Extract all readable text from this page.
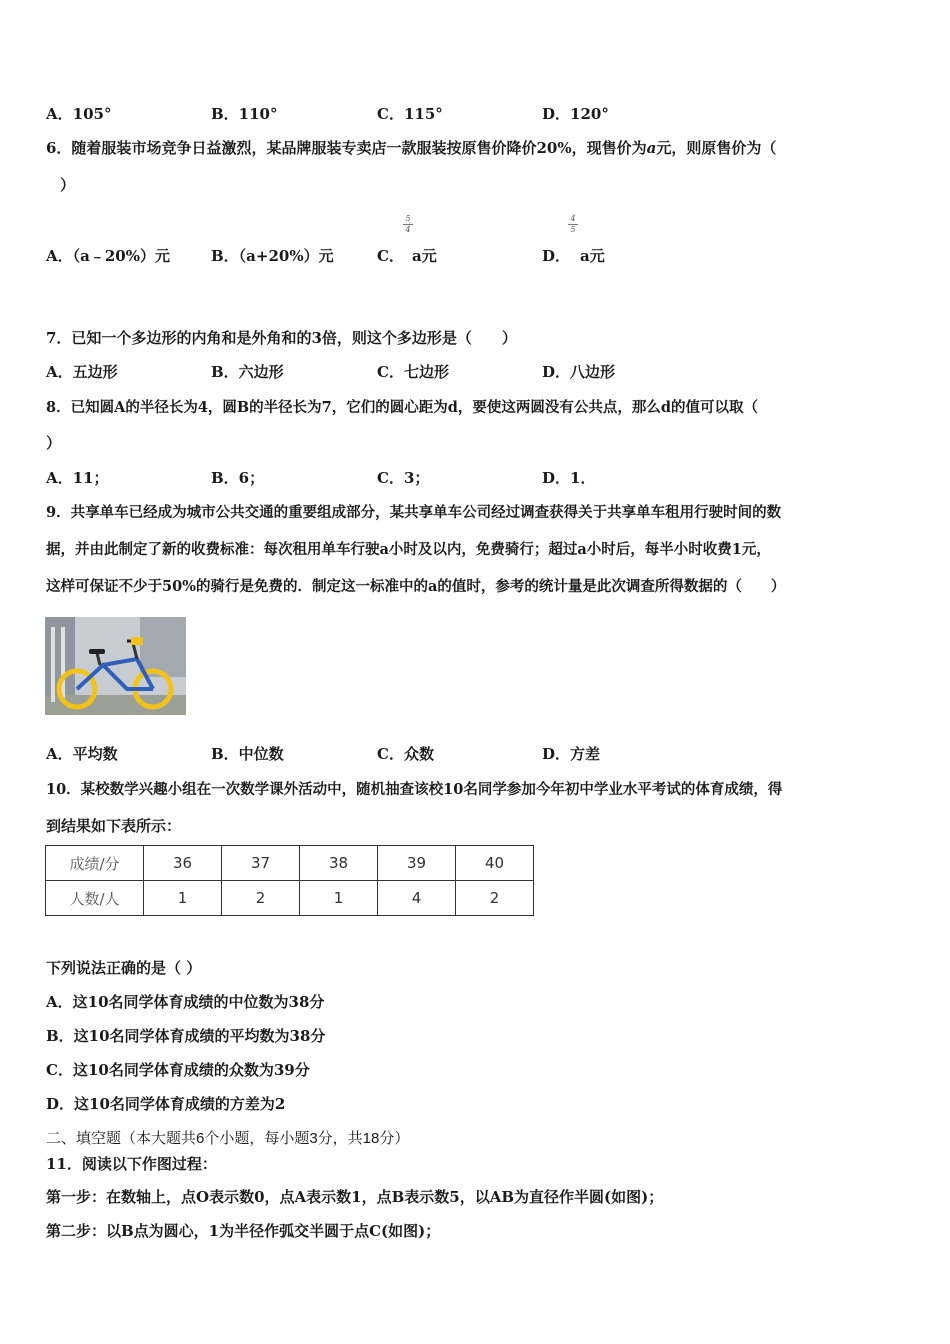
A．105°	B．110°	C．115°	D．120°
6．随着服装市场竞争日益激烈，某品牌服装专卖店一款服装按原售价降价20%，现售价为a元，则原售价为（
）
A．（a﹣20%）元	B．（a+20%）元	C．
5
4
a元	D．
4
5
a元
7．已知一个多边形的内角和是外角和的3倍，则这个多边形是（　　）
A．五边形	B．六边形	C．七边形	D．八边形
8．已知圆A的半径长为4，圆B的半径长为7，它们的圆心距为d，要使这两圆没有公共点，那么d的值可以取（
）
A．11；	B．6；	C．3；	D．1．
9．共享单车已经成为城市公共交通的重要组成部分，某共享单车公司经过调查获得关于共享单车租用行驶时间的数
据，并由此制定了新的收费标准：每次租用单车行驶a小时及以内，免费骑行；超过a小时后，每半小时收费1元，
这样可保证不少于50%的骑行是免费的．制定这一标准中的a的值时，参考的统计量是此次调查所得数据的（　　）
A．平均数	B．中位数	C．众数	D．方差
10．某校数学兴趣小组在一次数学课外活动中，随机抽查该校10名同学参加今年初中学业水平考试的体育成绩，得
到结果如下表所示：
成绩/分	36	37	38	39	40
人数/人	1	2	1	4	2
下列说法正确的是（ ）
A．这10名同学体育成绩的中位数为38分
B．这10名同学体育成绩的平均数为38分
C．这10名同学体育成绩的众数为39分
D．这10名同学体育成绩的方差为2
二、填空题（本大题共6个小题，每小题3分，共18分）
11．阅读以下作图过程：
第一步：在数轴上，点O表示数0，点A表示数1，点B表示数5，以AB为直径作半圆(如图)；
第二步：以B点为圆心，1为半径作弧交半圆于点C(如图)；
